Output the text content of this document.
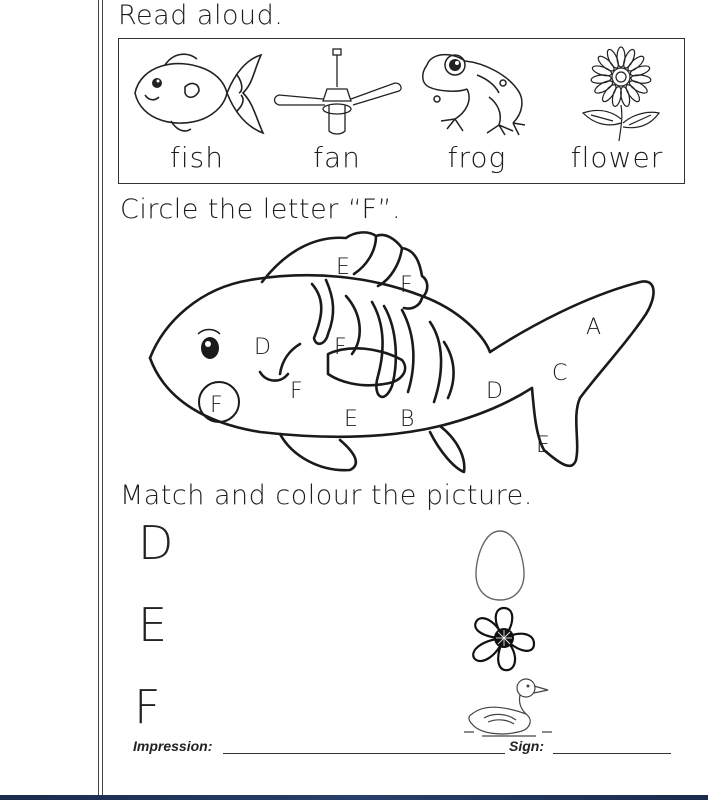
Read aloud.
fish	fan	frog	flower
Circle the letter “F”.
E
F
D	F
F
F
E B
D
C
A
E
Match and colour the picture.
D
E
F
Impression:	Sign:
